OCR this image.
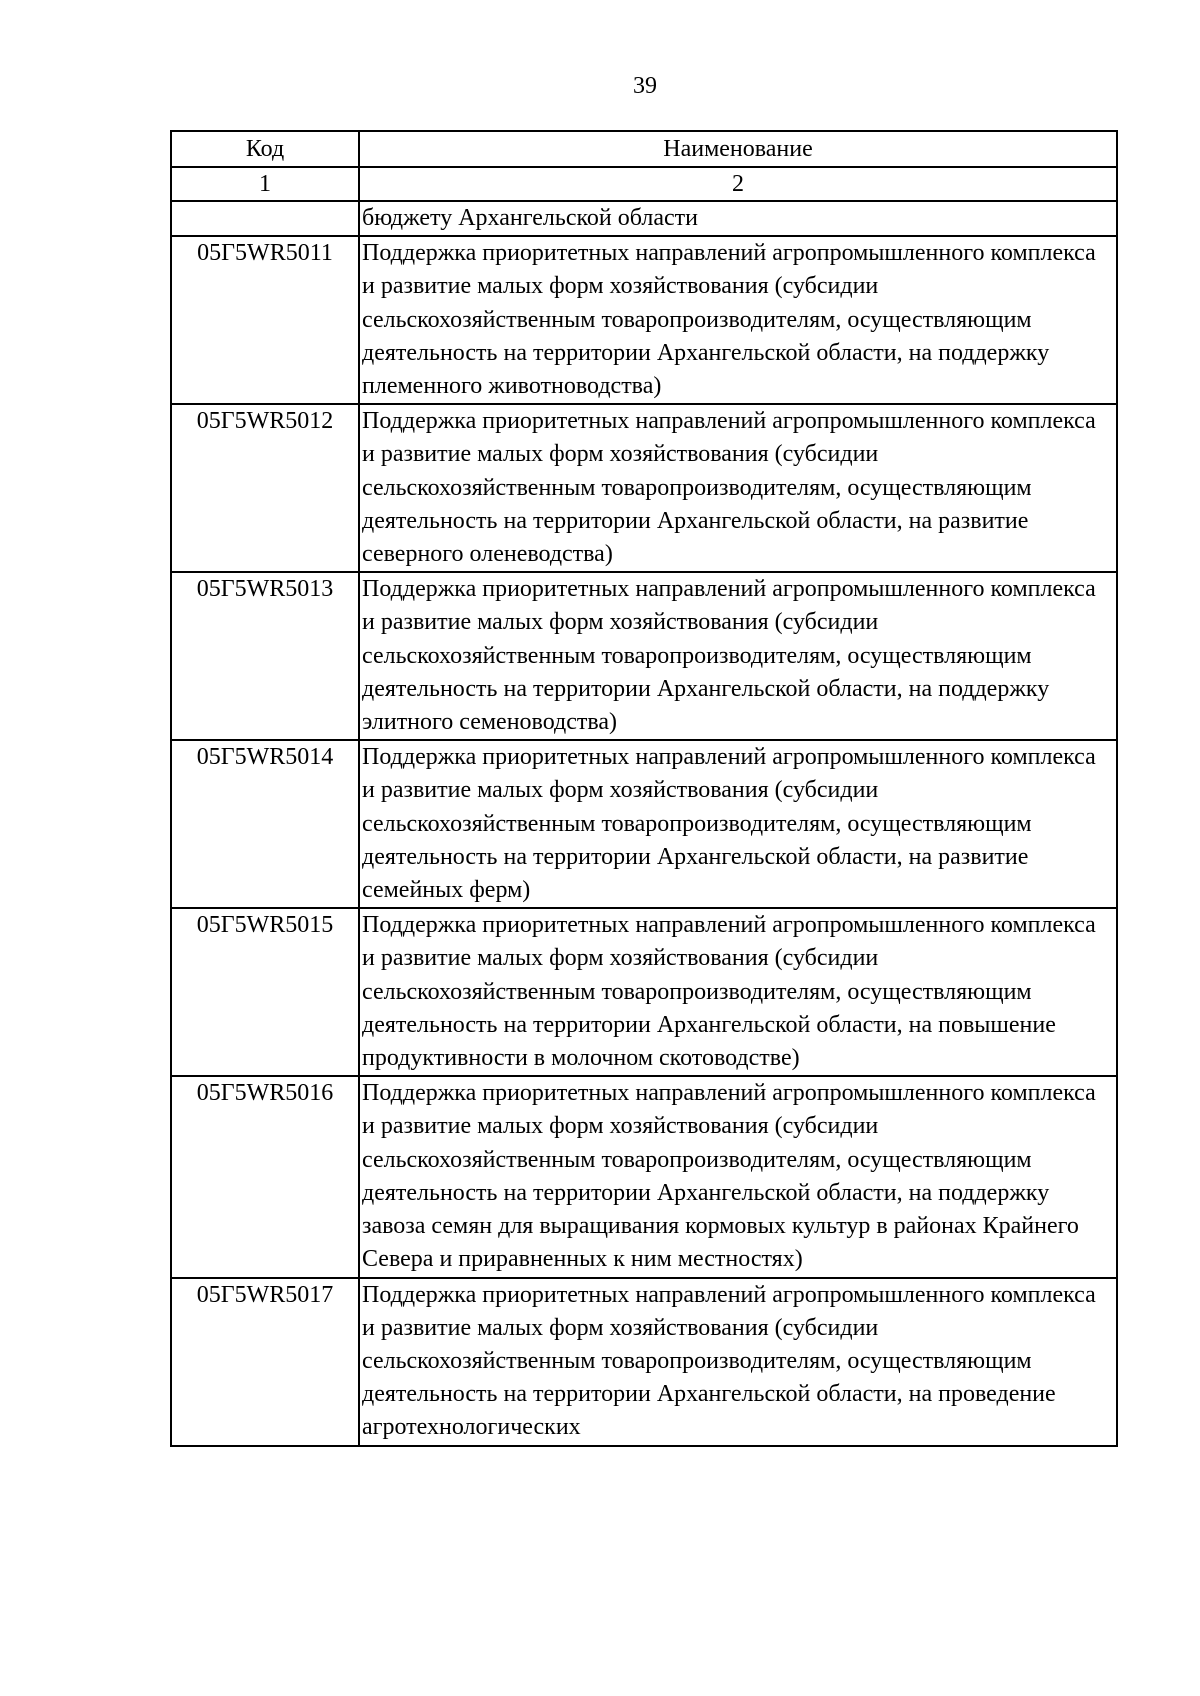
39
Код	Наименование
1	2
	бюджету Архангельской области
05Г5WR5011	Поддержка приоритетных направлений агропромышленного комплекса и развитие малых форм хозяйствования (субсидии сельскохозяйственным товаропроизводителям, осуществляющим деятельность на территории Архангельской области, на поддержку племенного животноводства)
05Г5WR5012	Поддержка приоритетных направлений агропромышленного комплекса и развитие малых форм хозяйствования (субсидии сельскохозяйственным товаропроизводителям, осуществляющим деятельность на территории Архангельской области, на развитие северного оленеводства)
05Г5WR5013	Поддержка приоритетных направлений агропромышленного комплекса и развитие малых форм хозяйствования (субсидии сельскохозяйственным товаропроизводителям, осуществляющим деятельность на территории Архангельской области, на поддержку элитного семеноводства)
05Г5WR5014	Поддержка приоритетных направлений агропромышленного комплекса и развитие малых форм хозяйствования (субсидии сельскохозяйственным товаропроизводителям, осуществляющим деятельность на территории Архангельской области, на развитие семейных ферм)
05Г5WR5015	Поддержка приоритетных направлений агропромышленного комплекса и развитие малых форм хозяйствования (субсидии сельскохозяйственным товаропроизводителям, осуществляющим деятельность на территории Архангельской области, на повышение продуктивности в молочном скотоводстве)
05Г5WR5016	Поддержка приоритетных направлений агропромышленного комплекса и развитие малых форм хозяйствования (субсидии сельскохозяйственным товаропроизводителям, осуществляющим деятельность на территории Архангельской области, на поддержку завоза семян для выращивания кормовых культур в районах Крайнего Севера и приравненных к ним местностях)
05Г5WR5017	Поддержка приоритетных направлений агропромышленного комплекса и развитие малых форм хозяйствования (субсидии сельскохозяйственным товаропроизводителям, осуществляющим деятельность на территории Архангельской области, на проведение агротехнологических
